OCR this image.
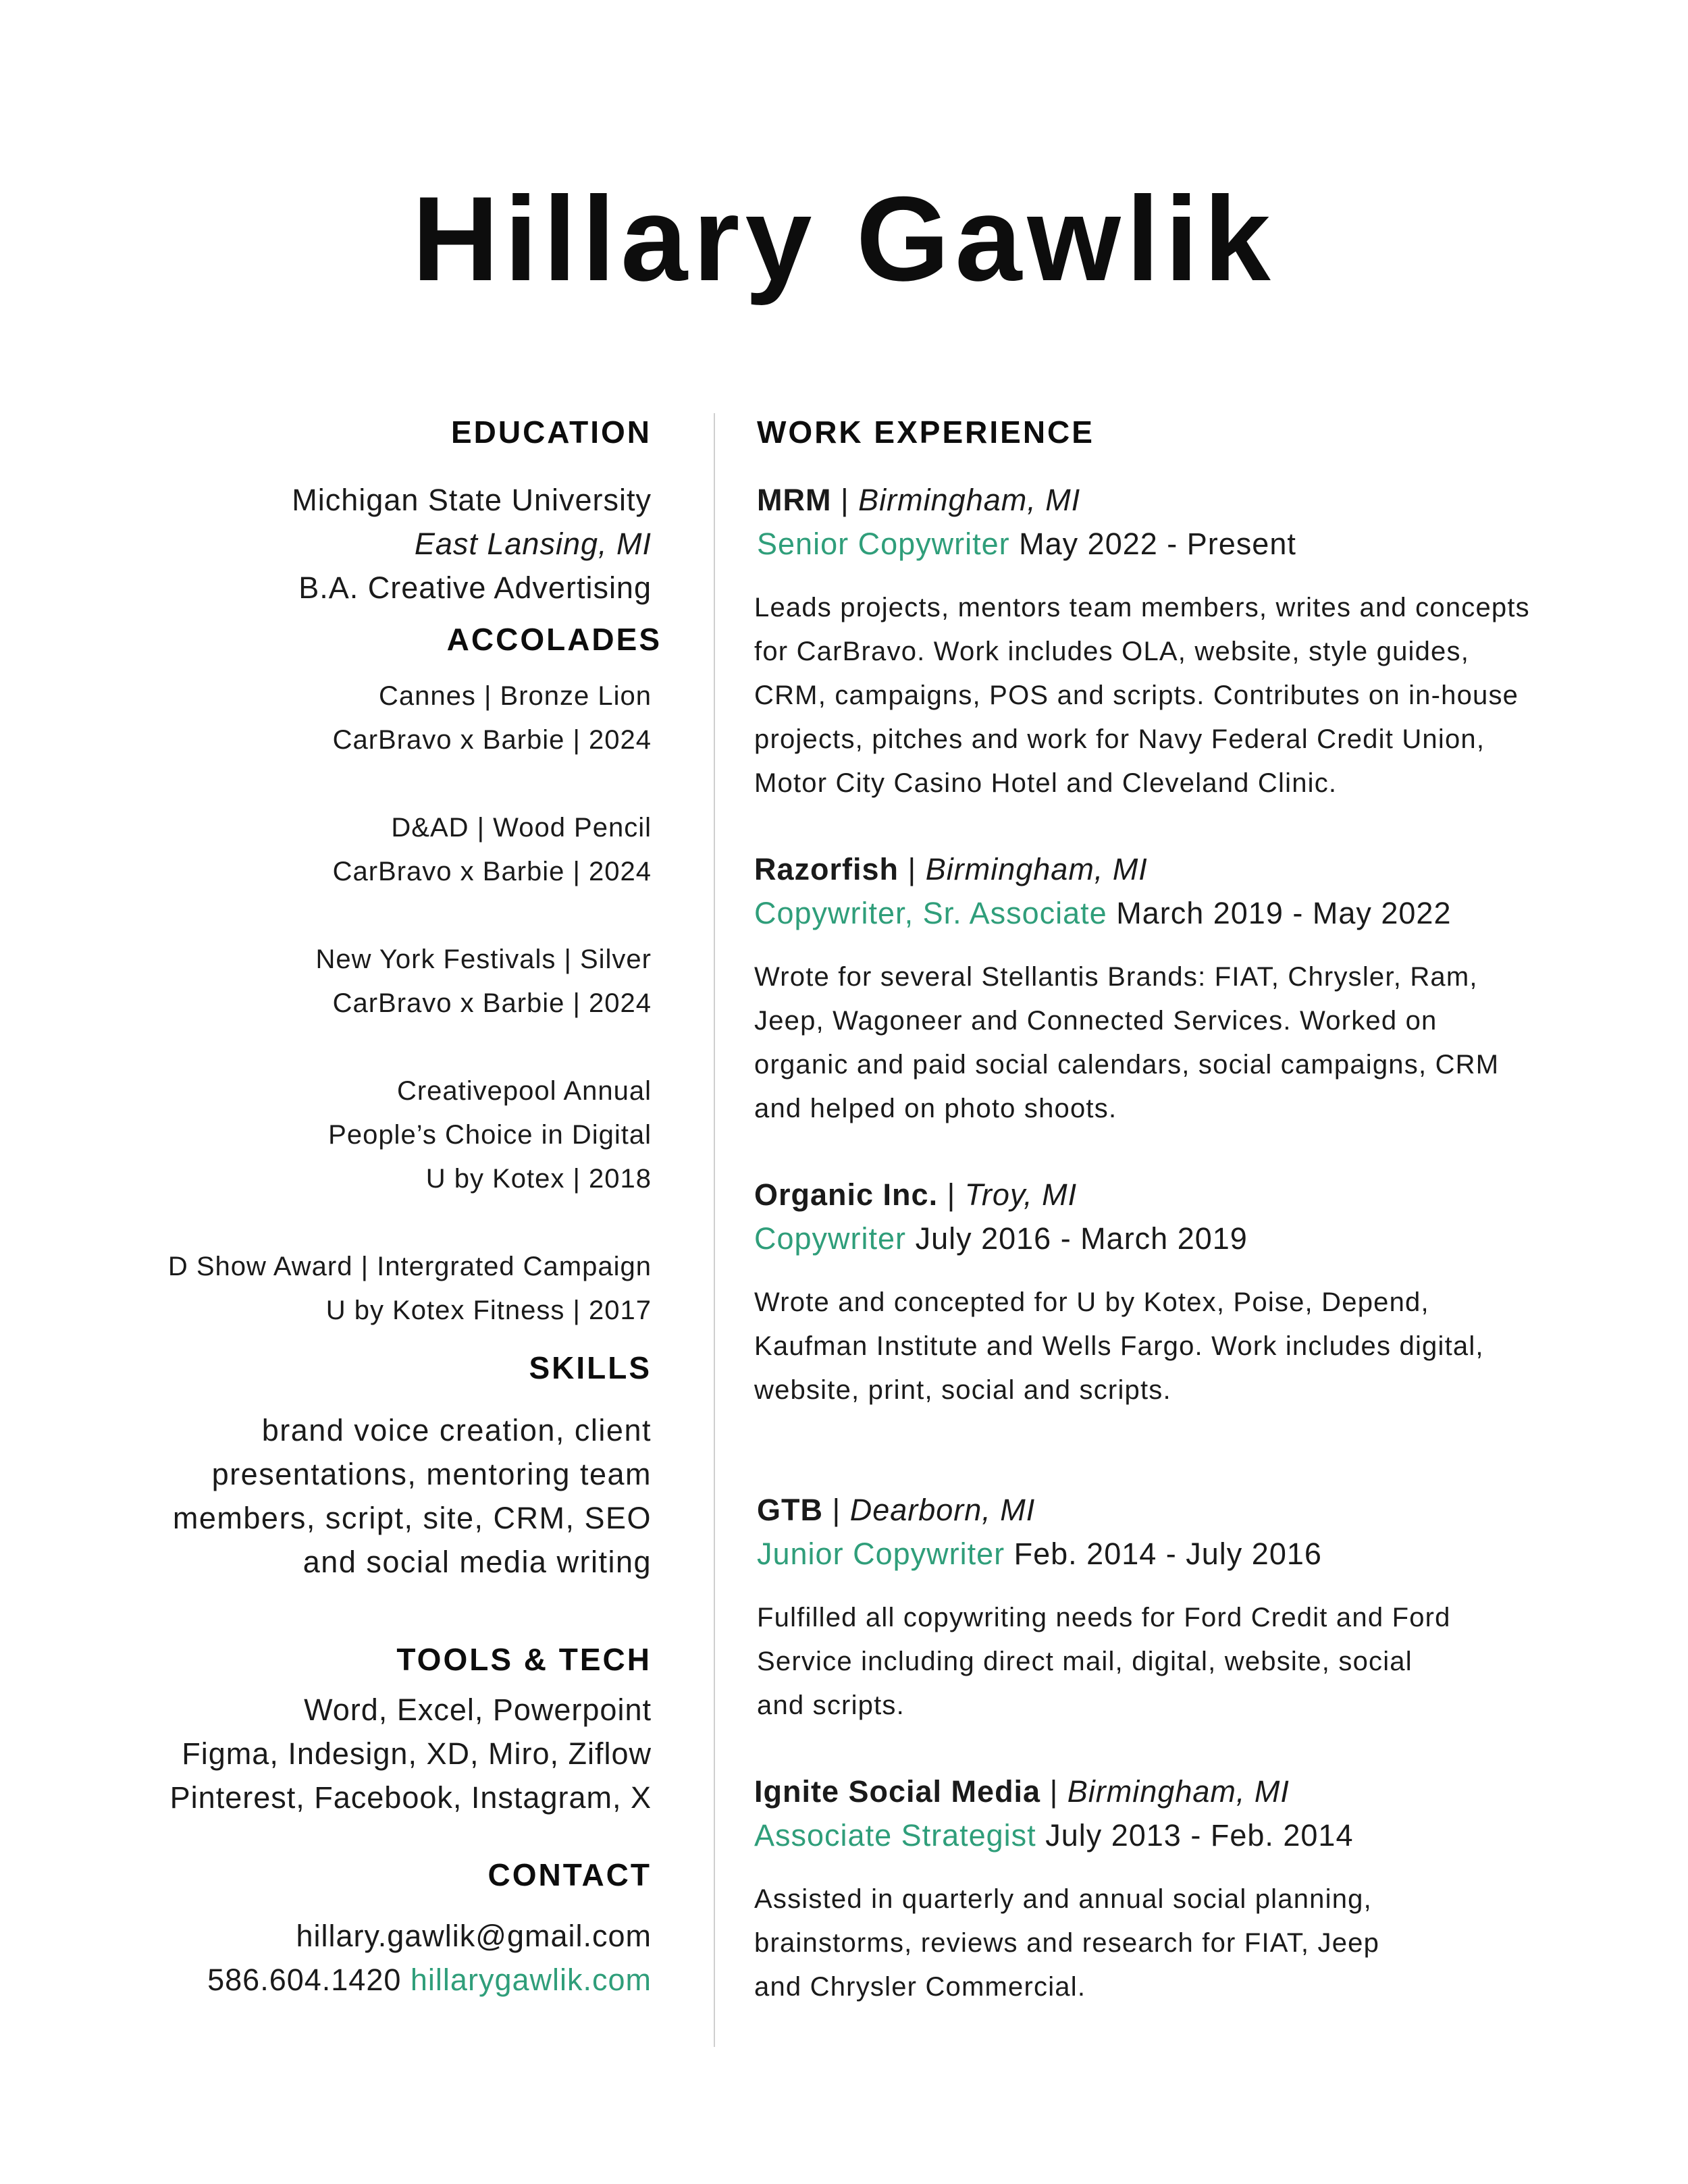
Hillary Gawlik
EDUCATION
Michigan State University
East Lansing, MI
B.A. Creative Advertising
ACCOLADES
Cannes | Bronze Lion
CarBravo x Barbie | 2024
D&AD | Wood Pencil
CarBravo x Barbie | 2024
New York Festivals | Silver
CarBravo x Barbie | 2024
Creativepool Annual
People’s Choice in Digital
U by Kotex | 2018
D Show Award | Intergrated Campaign
U by Kotex Fitness | 2017
SKILLS
brand voice creation, client
presentations, mentoring team
members, script, site, CRM, SEO
and social media writing
TOOLS & TECH
Word, Excel, Powerpoint
Figma, Indesign, XD, Miro, Ziflow
Pinterest, Facebook, Instagram, X
CONTACT
hillary.gawlik@gmail.com
586.604.1420 hillarygawlik.com
WORK EXPERIENCE
MRM | Birmingham, MI
Senior Copywriter May 2022 - Present
Leads projects, mentors team members, writes and concepts
for CarBravo. Work includes OLA, website, style guides,
CRM, campaigns, POS and scripts. Contributes on in-house
projects, pitches and work for Navy Federal Credit Union,
Motor City Casino Hotel and Cleveland Clinic.
Razorfish | Birmingham, MI
Copywriter, Sr. Associate March 2019 - May 2022
Wrote for several Stellantis Brands: FIAT, Chrysler, Ram,
Jeep, Wagoneer and Connected Services. Worked on
organic and paid social calendars, social campaigns, CRM
and helped on photo shoots.
Organic Inc. | Troy, MI
Copywriter July 2016 - March 2019
Wrote and concepted for U by Kotex, Poise, Depend,
Kaufman Institute and Wells Fargo. Work includes digital,
website, print, social and scripts.
GTB | Dearborn, MI
Junior Copywriter Feb. 2014 - July 2016
Fulfilled all copywriting needs for Ford Credit and Ford
Service including direct mail, digital, website, social
and scripts.
Ignite Social Media | Birmingham, MI
Associate Strategist July 2013 - Feb. 2014
Assisted in quarterly and annual social planning,
brainstorms, reviews and research for FIAT, Jeep
and Chrysler Commercial.
